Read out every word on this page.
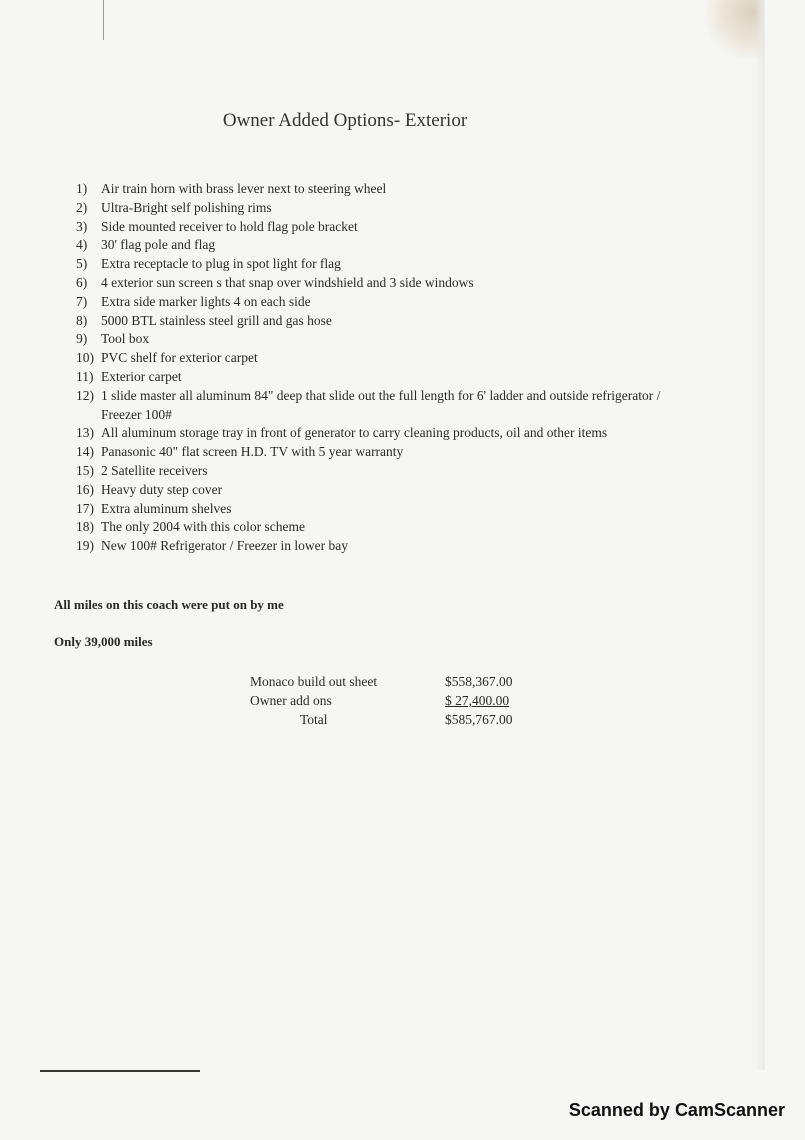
Owner Added Options- Exterior
1)	Air train horn with brass lever next to steering wheel
2)	Ultra-Bright self polishing rims
3)	Side mounted receiver to hold flag pole bracket
4)	30' flag pole and flag
5)	Extra receptacle to plug in spot light for flag
6)	4 exterior sun screen s that snap over windshield and 3 side windows
7)	Extra side marker lights 4 on each side
8)	5000 BTL stainless steel grill and gas hose
9)	Tool box
10) PVC shelf for exterior carpet
11) Exterior carpet
12) 1 slide master all aluminum 84" deep that slide out the full length for 6' ladder and outside refrigerator / Freezer 100#
13) All aluminum storage tray in front of generator to carry cleaning products, oil and other items
14) Panasonic 40" flat screen H.D. TV with 5 year warranty
15) 2 Satellite receivers
16) Heavy duty step cover
17) Extra aluminum shelves
18) The only 2004 with this color scheme
19) New 100# Refrigerator / Freezer in lower bay
All miles on this coach were put on by me
Only 39,000 miles
Monaco build out sheet	$558,367.00
Owner add ons	$ 27,400.00
Total	$585,767.00
Scanned by CamScanner
